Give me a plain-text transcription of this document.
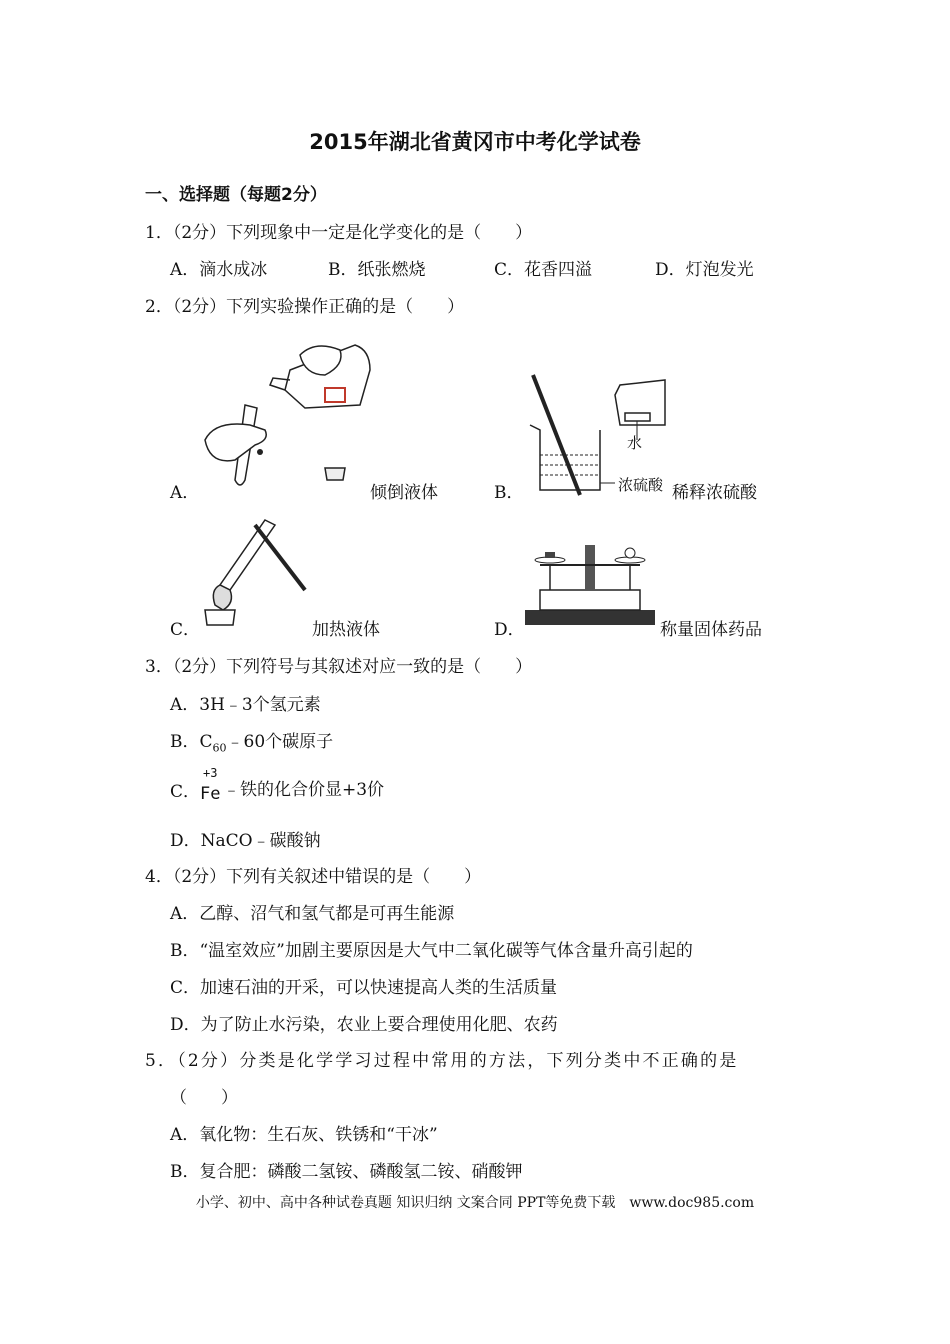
2015年湖北省黄冈市中考化学试卷
一、选择题（每题2分）
1．（2分）下列现象中一定是化学变化的是（　　）
A．滴水成冰	B．纸张燃烧	C．花香四溢	D．灯泡发光
2．（2分）下列实验操作正确的是（　　）
A．	倾倒液体
水
浓硫酸
B．	稀释浓硫酸
C．	加热液体	D．	称量固体药品
3．（2分）下列符号与其叙述对应一致的是（　　）
A．3H﹣3个氢元素
B．$C_{60}﹣60$个碳原子
C．
+3
Fe ﹣铁的化合价显+3价
D．NaCO﹣碳酸钠
4．（2分）下列有关叙述中错误的是（　　）
A．乙醇、沼气和氢气都是可再生能源
B．“温室效应”加剧主要原因是大气中二氧化碳等气体含量升高引起的
C．加速石油的开采，可以快速提高人类的生活质量
D．为了防止水污染，农业上要合理使用化肥、农药
5．（2分）分类是化学学习过程中常用的方法，下列分类中不正确的是
（　　）
A．氧化物：生石灰、铁锈和“干冰”
B．复合肥：磷酸二氢铵、磷酸氢二铵、硝酸钾
小学、初中、高中各种试卷真题 知识归纳 文案合同 PPT等免费下载　www.doc985.com
